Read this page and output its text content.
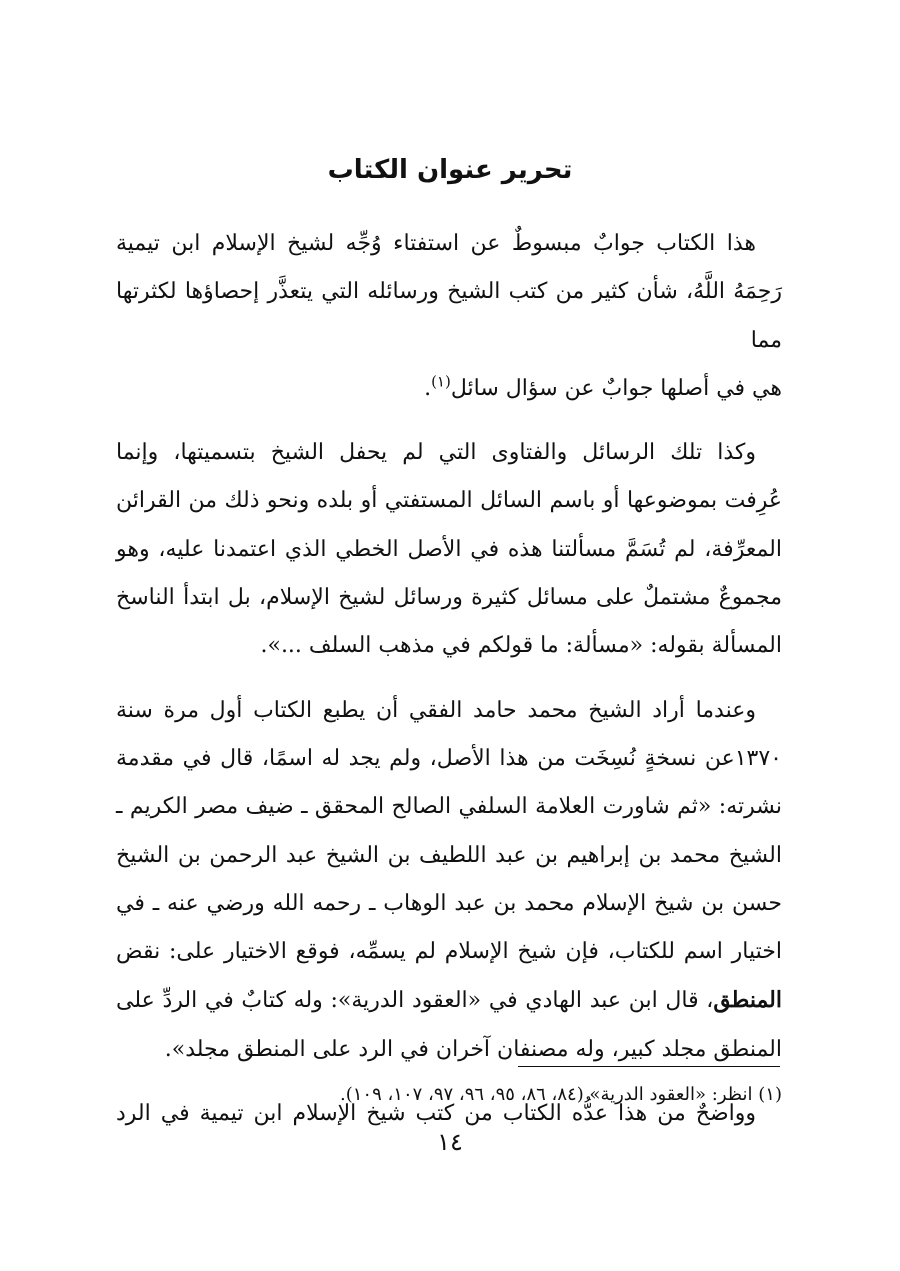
تحرير عنوان الكتاب

هذا الكتاب جوابٌ مبسوطٌ عن استفتاء وُجِّه لشيخ الإسلام ابن تيمية
رَحِمَهُ اللَّهُ، شأن كثير من كتب الشيخ ورسائله التي يتعذَّر إحصاؤها لكثرتها مما
هي في أصلها جوابٌ عن سؤال سائل$^{(١)}$.

وكذا تلك الرسائل والفتاوى التي لم يحفل الشيخ بتسميتها، وإنما
عُرِفت بموضوعها أو باسم السائل المستفتي أو بلده ونحو ذلك من القرائن
المعرِّفة، لم تُسَمَّ مسألتنا هذه في الأصل الخطي الذي اعتمدنا عليه، وهو
مجموعٌ مشتملٌ على مسائل كثيرة ورسائل لشيخ الإسلام، بل ابتدأ الناسخ
المسألة بقوله: «مسألة: ما قولكم في مذهب السلف ...».

وعندما أراد الشيخ محمد حامد الفقي أن يطبع الكتاب أول مرة سنة
١٣٧٠عن نسخةٍ نُسِخَت من هذا الأصل، ولم يجد له اسمًا، قال في مقدمة
نشرته: «ثم شاورت العلامة السلفي الصالح المحقق ـ ضيف مصر الكريم ـ
الشيخ محمد بن إبراهيم بن عبد اللطيف بن الشيخ عبد الرحمن بن الشيخ
حسن بن شيخ الإسلام محمد بن عبد الوهاب ـ رحمه الله ورضي عنه ـ في
اختيار اسم للكتاب، فإن شيخ الإسلام لم يسمِّه، فوقع الاختيار على: نقض
المنطق، قال ابن عبد الهادي في «العقود الدرية»: وله كتابٌ في الردِّ على
المنطق مجلد كبير، وله مصنفان آخران في الرد على المنطق مجلد».

وواضحٌ من هذا عدُّه الكتاب من كتب شيخ الإسلام ابن تيمية في الرد

(١) انظر: «العقود الدرية» (٨٤، ٨٦، ٩٥، ٩٦، ٩٧، ١٠٧، ١٠٩).

١٤
